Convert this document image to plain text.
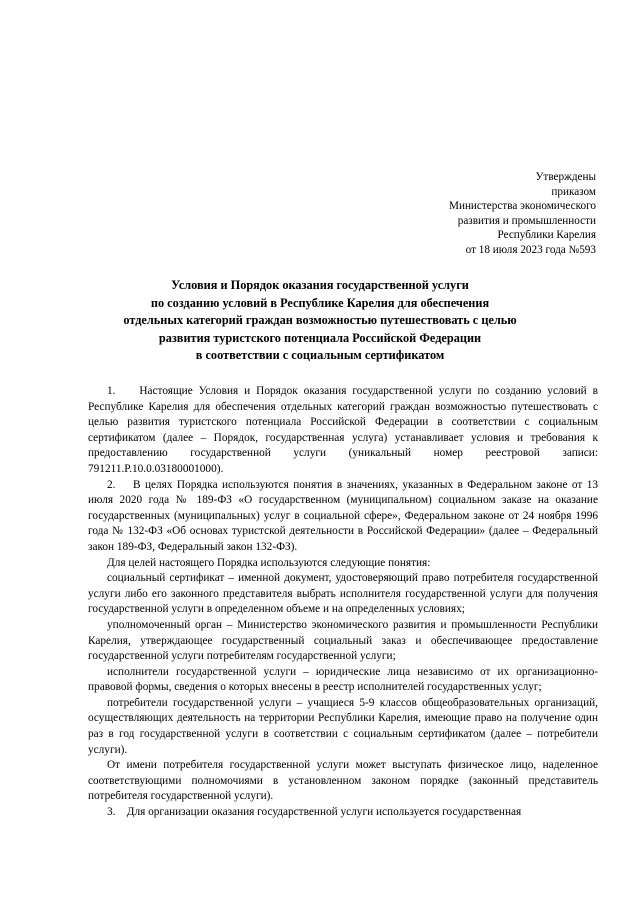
Утверждены
приказом
Министерства экономического
развития и промышленности
Республики Карелия
от 18 июля 2023 года №593
Условия и Порядок оказания государственной услуги
по созданию условий в Республике Карелия для обеспечения
отдельных категорий граждан возможностью путешествовать с целью
развития туристского потенциала Российской Федерации
в соответствии с социальным сертификатом

1.    Настоящие Условия и Порядок оказания государственной услуги по созданию условий в Республике Карелия для обеспечения отдельных категорий граждан возможностью путешествовать с целью развития туристского потенциала Российской Федерации в соответствии с социальным сертификатом (далее – Порядок, государственная услуга) устанавливает условия и требования к предоставлению государственной услуги (уникальный номер реестровой записи: 791211.Р.10.0.03180001000).

2.    В целях Порядка используются понятия в значениях, указанных в Федеральном законе от 13 июля 2020 года № 189-ФЗ «О государственном (муниципальном) социальном заказе на оказание государственных (муниципальных) услуг в социальной сфере», Федеральном законе от 24 ноября 1996 года № 132-ФЗ «Об основах туристской деятельности в Российской Федерации» (далее – Федеральный закон 189-ФЗ, Федеральный закон 132-ФЗ).

Для целей настоящего Порядка используются следующие понятия:

социальный сертификат – именной документ, удостоверяющий право потребителя государственной услуги либо его законного представителя выбрать исполнителя государственной услуги для получения государственной услуги в определенном объеме и на определенных условиях;

уполномоченный орган – Министерство экономического развития и промышленности Республики Карелия, утверждающее государственный социальный заказ и обеспечивающее предоставление государственной услуги потребителям государственной услуги;

исполнители государственной услуги – юридические лица независимо от их организационно-правовой формы, сведения о которых внесены в реестр исполнителей государственных услуг;

потребители государственной услуги – учащиеся 5-9 классов общеобразовательных организаций, осуществляющих деятельность на территории Республики Карелия, имеющие право на получение один раз в год государственной услуги в соответствии с социальным сертификатом (далее – потребители услуги).

От имени потребителя государственной услуги может выступать физическое лицо, наделенное соответствующими полномочиями в установленном законом порядке (законный представитель потребителя государственной услуги).

3.    Для организации оказания государственной услуги используется государственная
